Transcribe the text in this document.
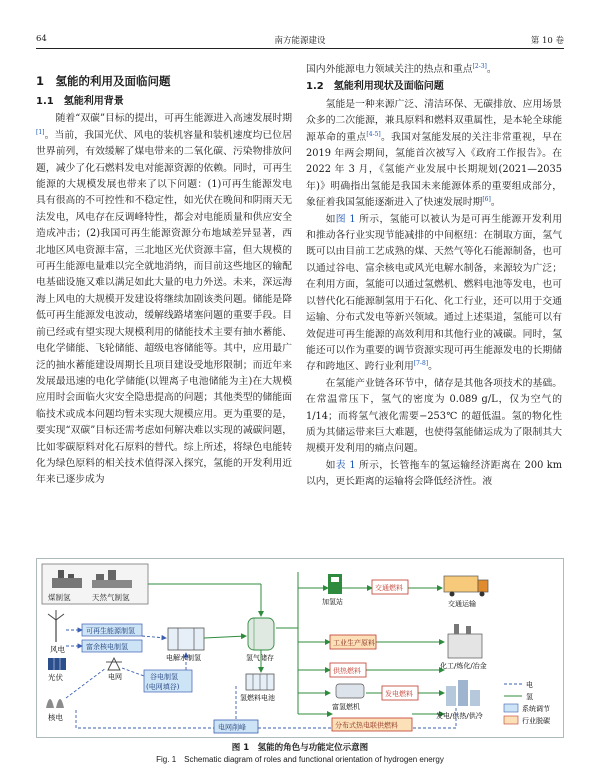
64	南方能源建设	第 10 卷
1　氢能的利用及面临问题
1.1　氢能利用背景

随着“双碳”目标的提出，可再生能源进入高速发展时期[1]。当前，我国光伏、风电的装机容量和装机速度均已位居世界前列，有效缓解了煤电带来的二氧化碳、污染物排放问题，减少了化石燃料发电对能源资源的依赖。同时，可再生能源的大规模发展也带来了以下问题：(1)可再生能源发电具有很高的不可控性和不稳定性，如光伏在晚间和阴雨天无法发电，风电存在反调峰特性，都会对电能质量和供应安全造成冲击；(2)我国可再生能源资源分布地域差异显著，西北地区风电资源丰富，三北地区光伏资源丰富，但大规模的可再生能源电量难以完全就地消纳，而目前这些地区的输配电基础设施又难以满足如此大量的电力外送。未来，深远海海上风电的大规模开发建设将继续加剧该类问题。储能是降低可再生能源发电波动，缓解线路堵塞问题的重要手段。目前已经或有望实现大规模利用的储能技术主要有抽水蓄能、电化学储能、飞轮储能、超级电容储能等。其中，应用最广泛的抽水蓄能建设周期长且项目建设受地形限制；而近年来发展最迅速的电化学储能(以锂离子电池储能为主)在大规模应用时会面临火灾安全隐患提高的问题；其他类型的储能面临技术或成本问题均暂未实现大规模应用。更为重要的是，要实现“双碳”目标还需考虑如何解决难以实现的减碳问题，比如零碳原料对化石原料的替代。综上所述，将绿色电能转化为绿色原料的相关技术值得深入探究，氢能的开发利用近年来已逐步成为

国内外能源电力领域关注的热点和重点[2-3]。

1.2　氢能利用现状及面临问题

氢能是一种来源广泛、清洁环保、无碳排放、应用场景众多的二次能源，兼具原料和燃料双重属性，是本轮全球能源革命的重点[4-5]。我国对氢能发展的关注非常重视，早在 2019 年两会期间，氢能首次被写入《政府工作报告》。在 2022 年 3 月，《氢能产业发展中长期规划(2021—2035 年)》明确指出氢能是我国未来能源体系的重要组成部分，象征着我国氢能逐渐进入了快速发展时期[6]。

如图 1 所示，氢能可以被认为是可再生能源开发利用和推动各行业实现节能减排的中间枢纽：在制取方面，氢气既可以由目前工艺成熟的煤、天然气等化石能源制备，也可以通过谷电、富余核电或风光电解水制备，来源较为广泛；在利用方面，氢能可以通过氢燃机、燃料电池等发电，也可以替代化石能源制氢用于石化、化工行业，还可以用于交通运输、分布式发电等新兴领域。通过上述渠道，氢能可以有效促进可再生能源的高效利用和其他行业的减碳。同时，氢能还可以作为重要的调节资源实现可再生能源发电的长期储存和跨地区、跨行业利用[7-8]。

在氢能产业链各环节中，储存是其他各项技术的基础。在常温常压下，氢气的密度为 0.089 g/L，仅为空气的 1/14；而将氢气液化需要−253℃ 的超低温。氢的物化性质为其储运带来巨大难题，也使得氢能储运成为了限制其大规模开发利用的痛点问题。

如表 1 所示，长管拖车的氢运输经济距离在 200 km 以内，更长距离的运输将会降低经济性。液

煤制氢	天然气制氢
风电
光伏
核电
可再生能源制氢
富余核电制氢
电网	谷电制氢
(电网填谷)
电解水制氢	氢气储存
氢燃料电池
加氢站
交通燃料
工业生产原料
供热燃料
发电燃料
富氢燃机
分布式热电联供燃料
电网削峰
交通运输
化工/炼化/冶金
发电/供热/供冷
电
氢
系统调节
行业脱碳
图 1　氢能的角色与功能定位示意图
Fig. 1　Schematic diagram of roles and functional orientation of hydrogen energy
